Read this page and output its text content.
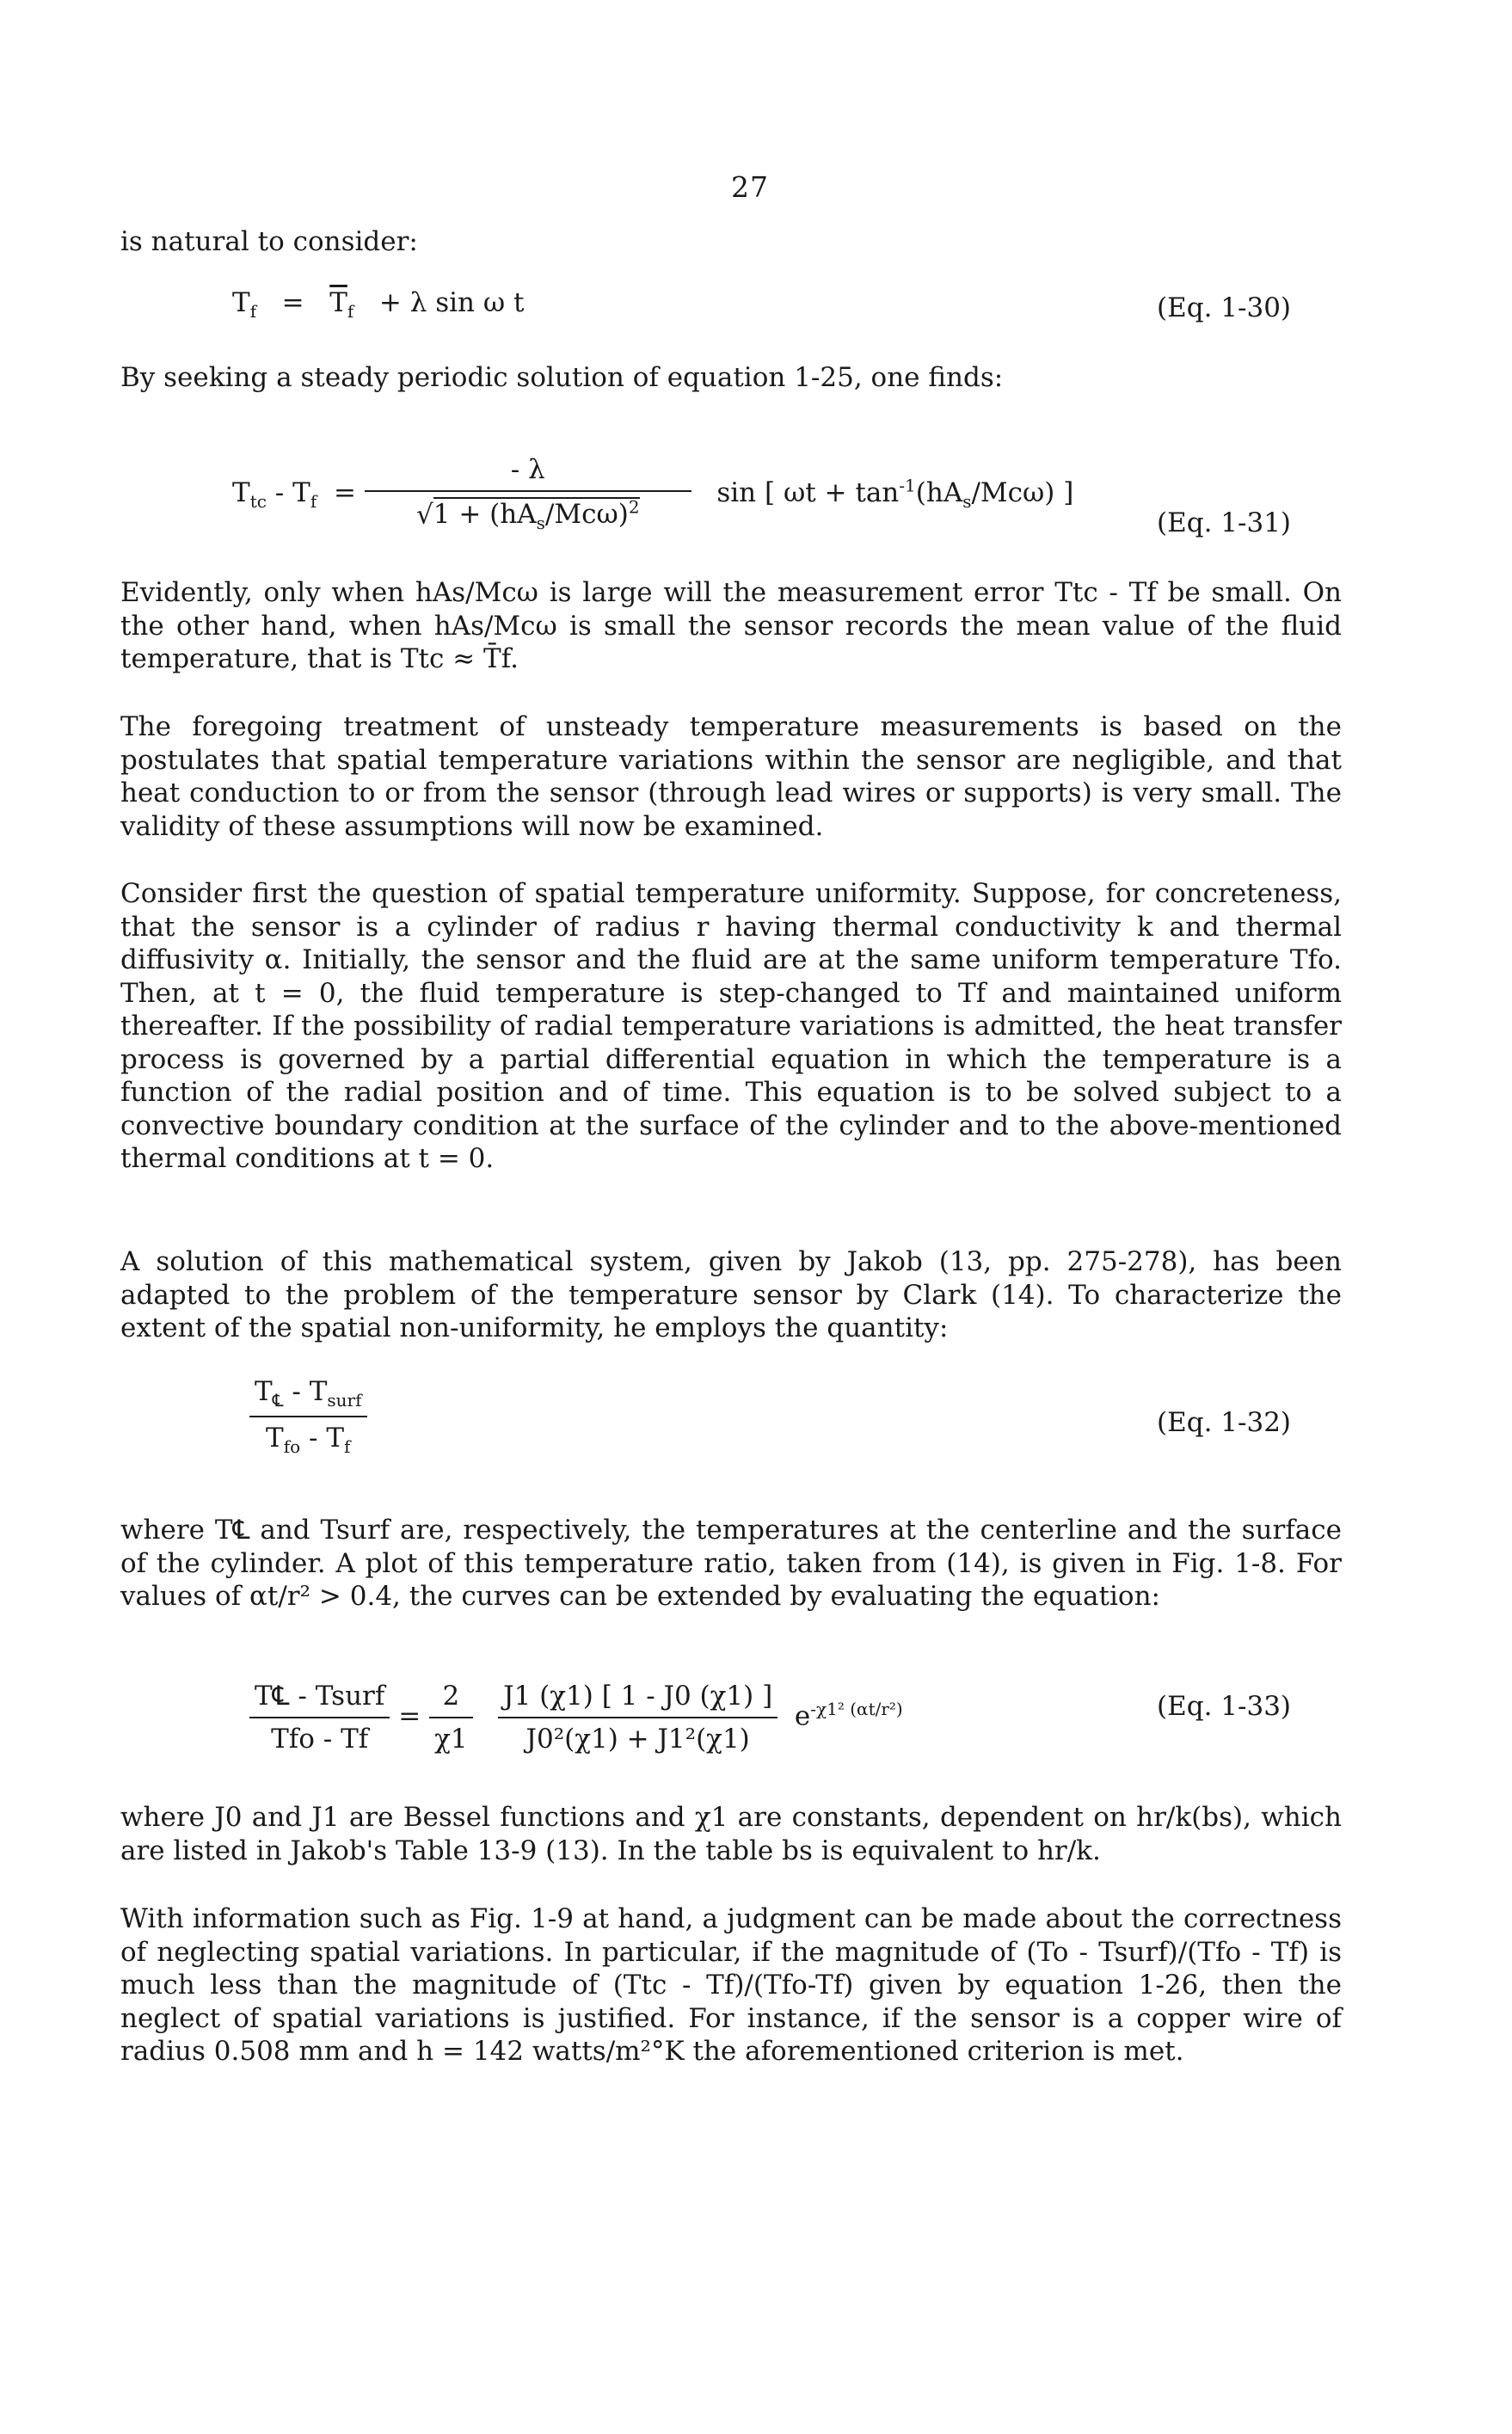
27

is natural to consider:

$T_f = \overline{T}_f + \lambda$ sin ω t	(Eq. 1-30)

By seeking a steady periodic solution of equation 1-25, one finds:

$T_{tc} - T_f = \frac{- \lambda}{√1 + (hA_s/Mc\omega)^2}$ sin [ $\omega t + \tan^{-1}(hA_s/Mc\omega)$ ]
(Eq. 1-31)

Evidently, only when hAs/Mcω is large will the measurement error Ttc - Tf be small. On the other hand, when hAs/Mcω is small the sensor records the mean value of the fluid temperature, that is Ttc ≈ T̄f.

The foregoing treatment of unsteady temperature measurements is based on the postulates that spatial temperature variations within the sensor are negligible, and that heat conduction to or from the sensor (through lead wires or supports) is very small. The validity of these assumptions will now be examined.

Consider first the question of spatial temperature uniformity. Suppose, for concreteness, that the sensor is a cylinder of radius r having thermal conductivity k and thermal diffusivity α. Initially, the sensor and the fluid are at the same uniform temperature Tfo. Then, at t = 0, the fluid temperature is step-changed to Tf and maintained uniform thereafter. If the possibility of radial temperature variations is admitted, the heat transfer process is governed by a partial differential equation in which the temperature is a function of the radial position and of time. This equation is to be solved subject to a convective boundary condition at the surface of the cylinder and to the above-mentioned thermal conditions at t = 0.

A solution of this mathematical system, given by Jakob (13, pp. 275-278), has been adapted to the problem of the temperature sensor by Clark (14). To characterize the extent of the spatial non-uniformity, he employs the quantity:

$\frac{T_℄ - T_{surf}}{T_{fo} - T_f}$	(Eq. 1-32)

where T℄ and Tsurf are, respectively, the temperatures at the centerline and the surface of the cylinder. A plot of this temperature ratio, taken from (14), is given in Fig. 1-8. For values of αt/r² > 0.4, the curves can be extended by evaluating the equation:

$\frac{\text{T℄ - Tsurf}}{\text{Tfo - Tf}} = \frac{2}{\chi 1}$
$\frac{J1 (\chi 1) [ 1 - J0 (\chi 1) ]}{\text{J0²(χ1) + J1²(χ1)}} e^{-\chi 1^2 (\alpha t/r^2)}$	(Eq. 1-33)

where J0 and J1 are Bessel functions and χ1 are constants, dependent on hr/k(bs), which are listed in Jakob's Table 13-9 (13). In the table bs is equivalent to hr/k.

With information such as Fig. 1-9 at hand, a judgment can be made about the correctness of neglecting spatial variations. In particular, if the magnitude of (To - Tsurf)/(Tfo - Tf) is much less than the magnitude of (Ttc - Tf)/(Tfo-Tf) given by equation 1-26, then the neglect of spatial variations is justified. For instance, if the sensor is a copper wire of radius 0.508 mm and h = 142 watts/m²°K the aforementioned criterion is met.
